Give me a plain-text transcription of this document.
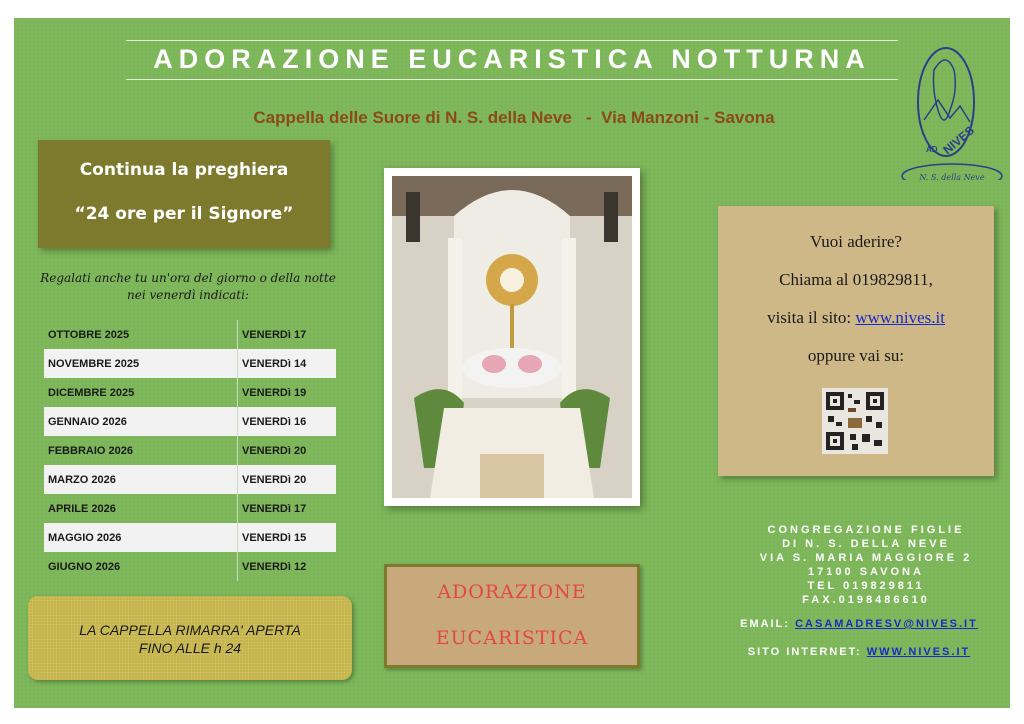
ADORAZIONE EUCARISTICA NOTTURNA
Cappella delle Suore di N. S. della Neve   -  Via Manzoni - Savona
AD NIVES
N. S. della Neve
Continua la preghiera
“24 ore per il Signore”
Regalati anche tu un'ora del giorno o della notte
nei venerdì indicati:
OTTOBRE 2025	VENERDì 17
NOVEMBRE 2025	VENERDì 14
DICEMBRE 2025	VENERDì 19
GENNAIO 2026	VENERDì 16
FEBBRAIO 2026	VENERDì 20
MARZO 2026	VENERDì 20
APRILE 2026	VENERDì 17
MAGGIO 2026	VENERDì 15
GIUGNO 2026	VENERDì 12
LA CAPPELLA RIMARRA' APERTA
FINO ALLE h 24
ADORAZIONE
EUCARISTICA
Vuoi aderire?
Chiama al 019829811,
visita il sito: www.nives.it
oppure vai su:
CONGREGAZIONE FIGLIE
DI N. S. DELLA NEVE
VIA S. MARIA MAGGIORE 2
17100 SAVONA
TEL 019829811
FAX.0198486610
EMAIL: CASAMADRESV@NIVES.IT
SITO INTERNET: WWW.NIVES.IT
